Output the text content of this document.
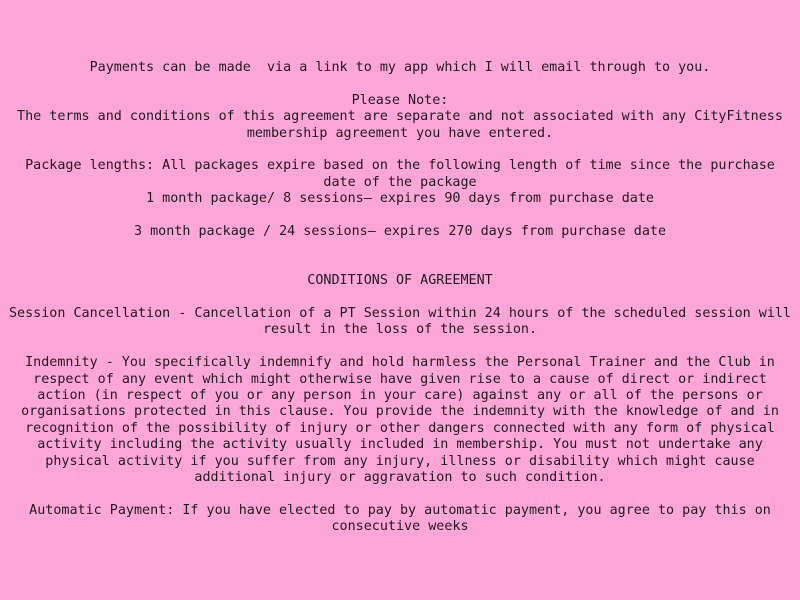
Payments can be made  via a link to my app which I will email through to you.

Please Note:

The terms and conditions of this agreement are separate and not associated with any CityFitness

membership agreement you have entered.

Package lengths: All packages expire based on the following length of time since the purchase date of the package

1 month package/ 8 sessions— expires 90 days from purchase date

3 month package / 24 sessions— expires 270 days from purchase date

CONDITIONS OF AGREEMENT

Session Cancellation - Cancellation of a PT Session within 24 hours of the scheduled session will result in the loss of the session.

Indemnity - You specifically indemnify and hold harmless the Personal Trainer and the Club in respect of any event which might otherwise have given rise to a cause of direct or indirect action (in respect of you or any person in your care) against any or all of the persons or organisations protected in this clause. You provide the indemnity with the knowledge of and in recognition of the possibility of injury or other dangers connected with any form of physical activity including the activity usually included in membership. You must not undertake any physical activity if you suffer from any injury, illness or disability which might cause additional injury or aggravation to such condition.

Automatic Payment: If you have elected to pay by automatic payment, you agree to pay this on consecutive weeks
